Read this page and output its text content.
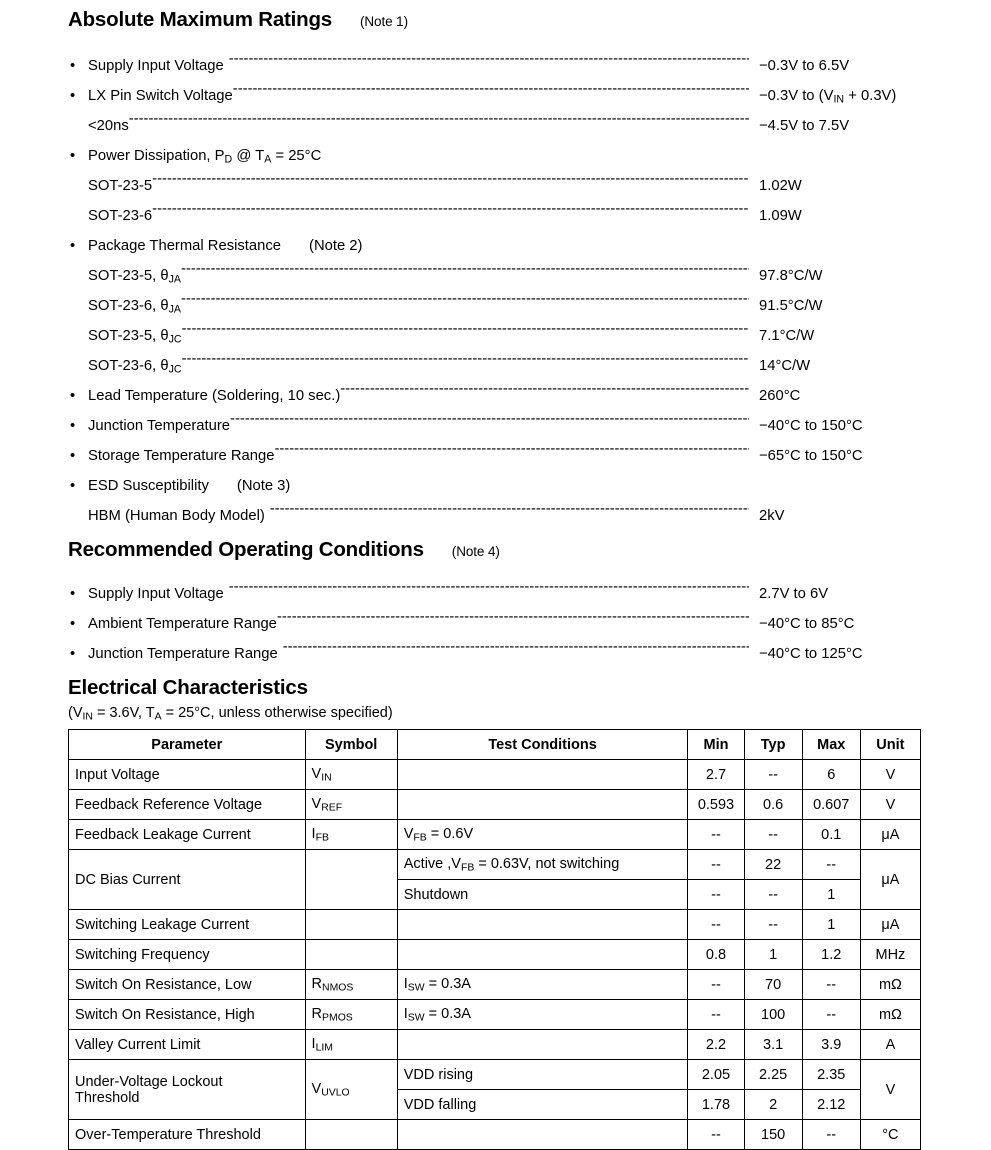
Absolute Maximum Ratings (Note 1)
• Supply Input Voltage -----	−0.3V to 6.5V
• LX Pin Switch Voltage -----	−0.3V to $(V_{IN} + 0.3V)$
<20ns -----	−4.5V to 7.5V
• Power Dissipation, $P_D$ @ $T_A = 25^\circ C$
SOT-23-5 -----	1.02W
SOT-23-6 -----	1.09W
• Package Thermal Resistance (Note 2)
SOT-23-5, $\theta_{JA}$ -----	97.8°C/W
SOT-23-6, $\theta_{JA}$ -----	91.5°C/W
SOT-23-5, $\theta_{JC}$ -----	7.1°C/W
SOT-23-6, $\theta_{JC}$ -----	14°C/W
• Lead Temperature (Soldering, 10 sec.) -----	260°C
• Junction Temperature -----	−40°C to 150°C
• Storage Temperature Range -----	−65°C to 150°C
• ESD Susceptibility (Note 3)
HBM (Human Body Model) -----	2kV
Recommended Operating Conditions (Note 4)
• Supply Input Voltage -----	2.7V to 6V
• Ambient Temperature Range -----	−40°C to 85°C
• Junction Temperature Range -----	−40°C to 125°C
Electrical Characteristics
($V_{IN} = 3.6V$, $T_A = 25^\circ C$, unless otherwise specified)
Parameter	Symbol	Test Conditions	Min	Typ	Max	Unit
Input Voltage	$V_{IN}$		2.7	--	6	V
Feedback Reference Voltage	$V_{REF}$		0.593	0.6	0.607	V
Feedback Leakage Current	$I_{FB}$	$V_{FB} = 0.6V$	--	--	0.1	μA
DC Bias Current		Active $,V_{FB} = 0.63V$, not switching	--	22	--	μA
		Shutdown	--	--	1	
Switching Leakage Current			--	--	1	μA
Switching Frequency			0.8	1	1.2	MHz
Switch On Resistance, Low	$R_{NMOS}$	$I_{SW} = 0.3A$	--	70	--	mΩ
Switch On Resistance, High	$R_{PMOS}$	$I_{SW} = 0.3A$	--	100	--	mΩ
Valley Current Limit	$I_{LIM}$		2.2	3.1	3.9	A
Under-Voltage Lockout
Threshold	$V_{UVLO}$	VDD rising	2.05	2.25	2.35	V
		VDD falling	1.78	2	2.12	
Over-Temperature Threshold			--	150	--	°C
